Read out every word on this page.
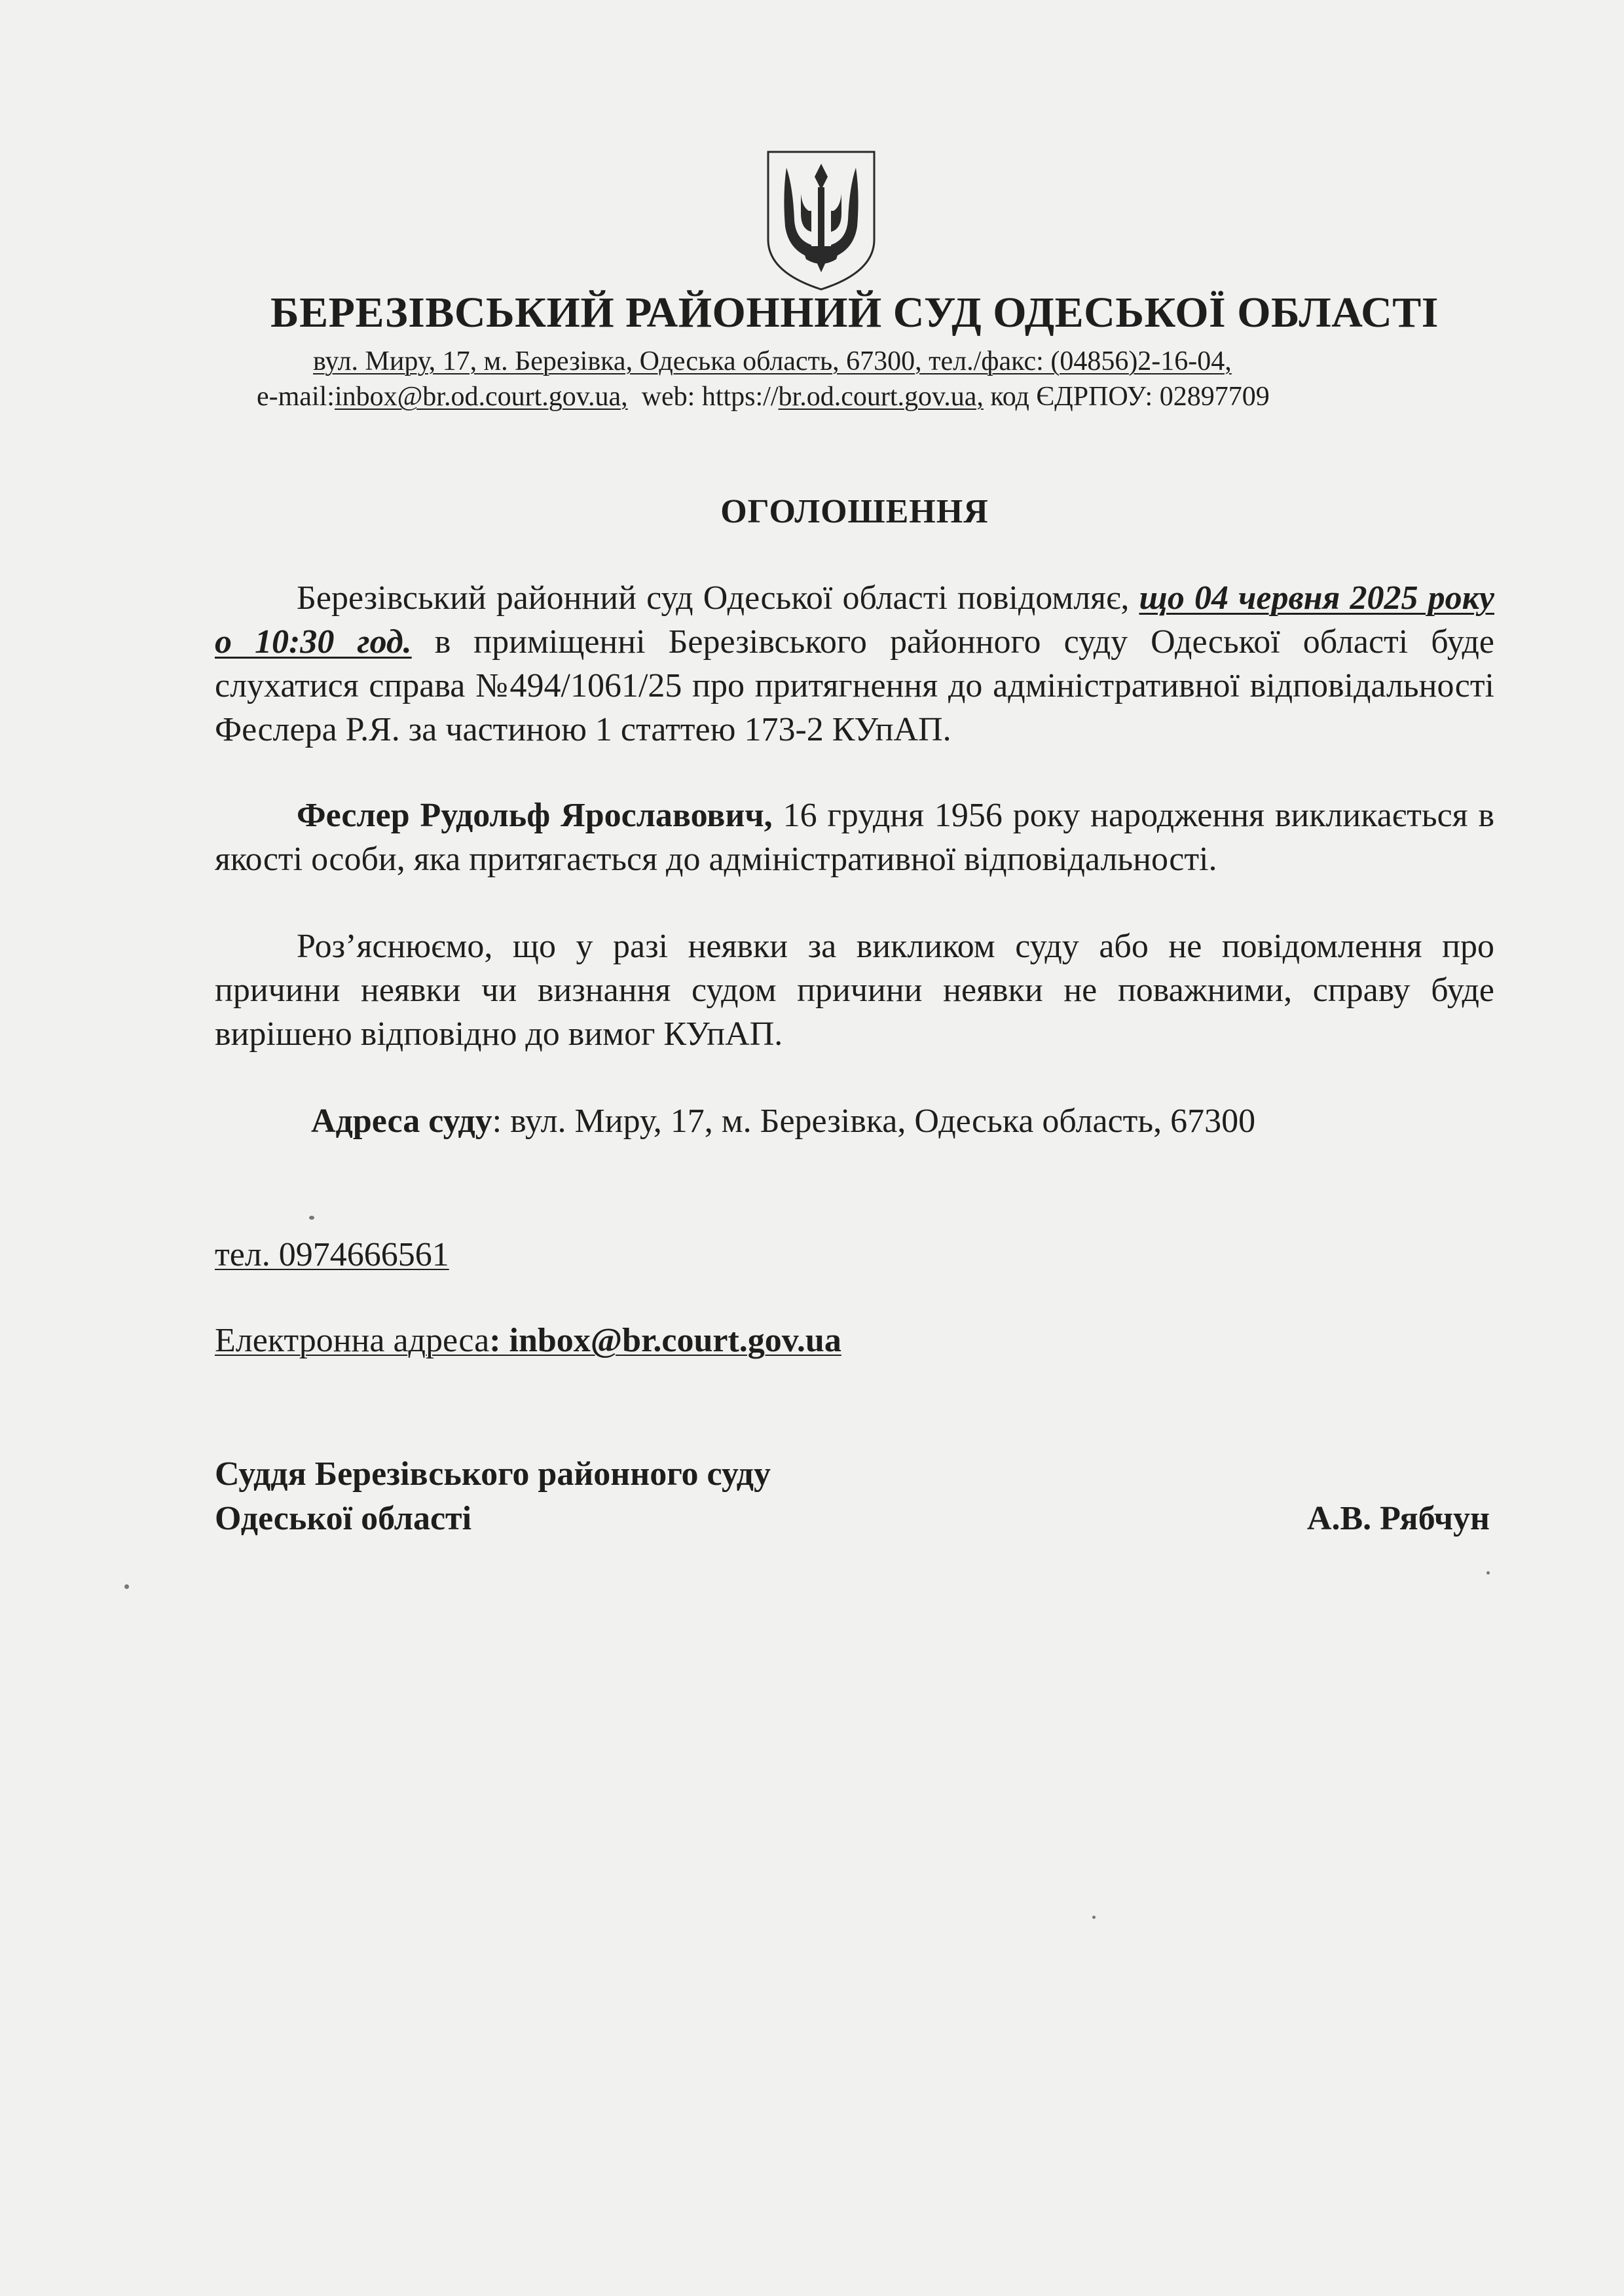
БЕРЕЗІВСЬКИЙ РАЙОННИЙ СУД ОДЕСЬКОЇ ОБЛАСТІ
вул. Миру, 17, м. Березівка, Одеська область, 67300, тел./факс: (04856)2-16-04,
e-mail:inbox@br.od.court.gov.ua,  web: https://br.od.court.gov.ua, код ЄДРПОУ: 02897709
ОГОЛОШЕННЯ
Березівський районний суд Одеської області повідомляє, що 04 червня 2025 року о 10:30 год. в приміщенні Березівського районного суду Одеської області буде слухатися справа №494/1061/25 про притягнення до адміністративної відповідальності Феслера Р.Я. за частиною 1 статтею 173-2 КУпАП.
Феслер Рудольф Ярославович, 16 грудня 1956 року народження викликається в якості особи, яка притягається до адміністративної відповідальності.
Роз’яснюємо, що у разі неявки за викликом суду або не повідомлення про причини неявки чи визнання судом причини неявки не поважними, справу буде вирішено відповідно до вимог КУпАП.
Адреса суду: вул. Миру, 17, м. Березівка, Одеська область, 67300
тел. 0974666561
Електронна адреса: inbox@br.court.gov.ua
Суддя Березівського районного суду
Одеської області	А.В. Рябчун
